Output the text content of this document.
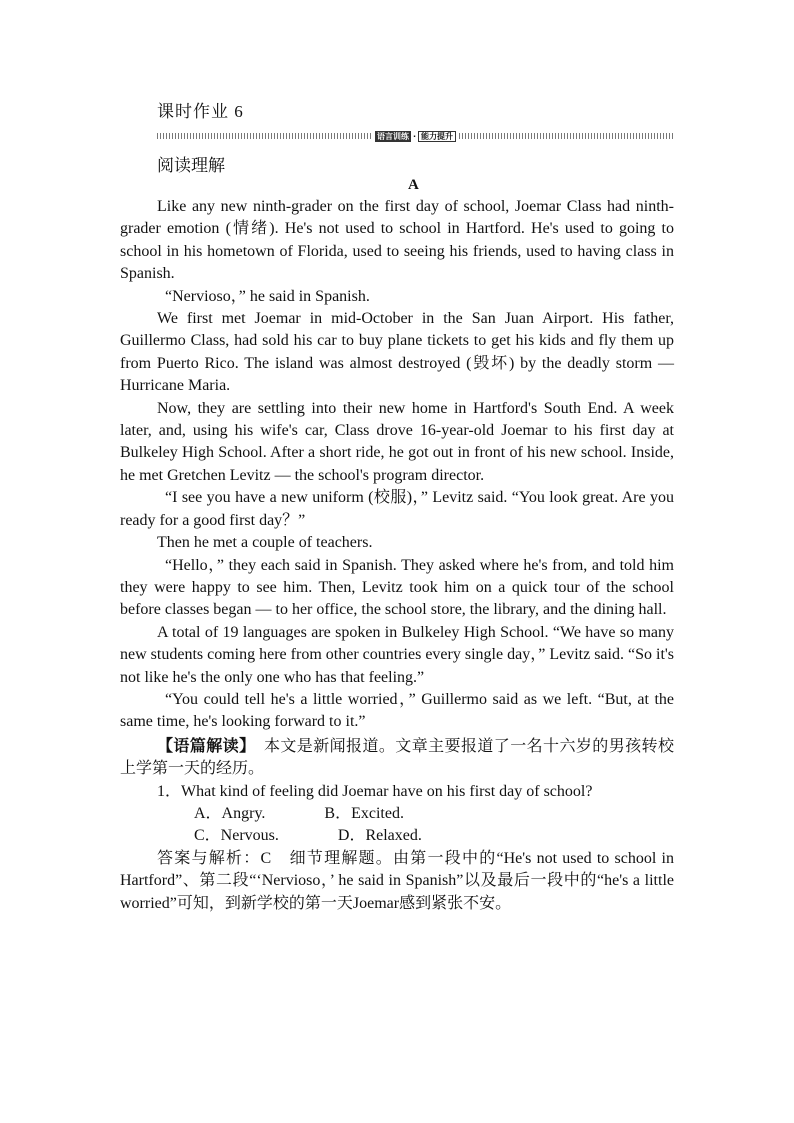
课时作业 6
语言训练 · 能力提升
阅读理解
A

Like any new ninth-grader on the first day of school, Joemar Class had ninth-grader emotion (情绪). He's not used to school in Hartford. He's used to going to school in his hometown of Florida, used to seeing his friends, used to having class in Spanish.

“Nervioso，” he said in Spanish.

We first met Joemar in mid-October in the San Juan Airport. His father, Guillermo Class, had sold his car to buy plane tickets to get his kids and fly them up from Puerto Rico. The island was almost destroyed (毁坏) by the deadly storm — Hurricane Maria.

Now, they are settling into their new home in Hartford's South End. A week later, and, using his wife's car, Class drove 16-year-old Joemar to his first day at Bulkeley High School. After a short ride, he got out in front of his new school. Inside, he met Gretchen Levitz — the school's program director.

“I see you have a new uniform (校服)，” Levitz said. “You look great. Are you ready for a good first day？”

Then he met a couple of teachers.

“Hello，” they each said in Spanish. They asked where he's from, and told him they were happy to see him. Then, Levitz took him on a quick tour of the school before classes began — to her office, the school store, the library, and the dining hall.

A total of 19 languages are spoken in Bulkeley High School. “We have so many new students coming here from other countries every single day，” Levitz said. “So it's not like he's the only one who has that feeling.”

“You could tell he's a little worried，” Guillermo said as we left. “But, at the same time, he's looking forward to it.”

【语篇解读】　 本文是新闻报道。文章主要报道了一名十六岁的男孩转校上学第一天的经历。

1．What kind of feeling did Joemar have on his first day of school?

A．Angry.	B．Excited.

C．Nervous.	D．Relaxed.

答案与解析：C　细节理解题。由第一段中的“He's not used to school in Hartford”、第二段“‘Nervioso，’ he said in Spanish”以及最后一段中的“he's a little worried”可知，到新学校的第一天Joemar感到紧张不安。
